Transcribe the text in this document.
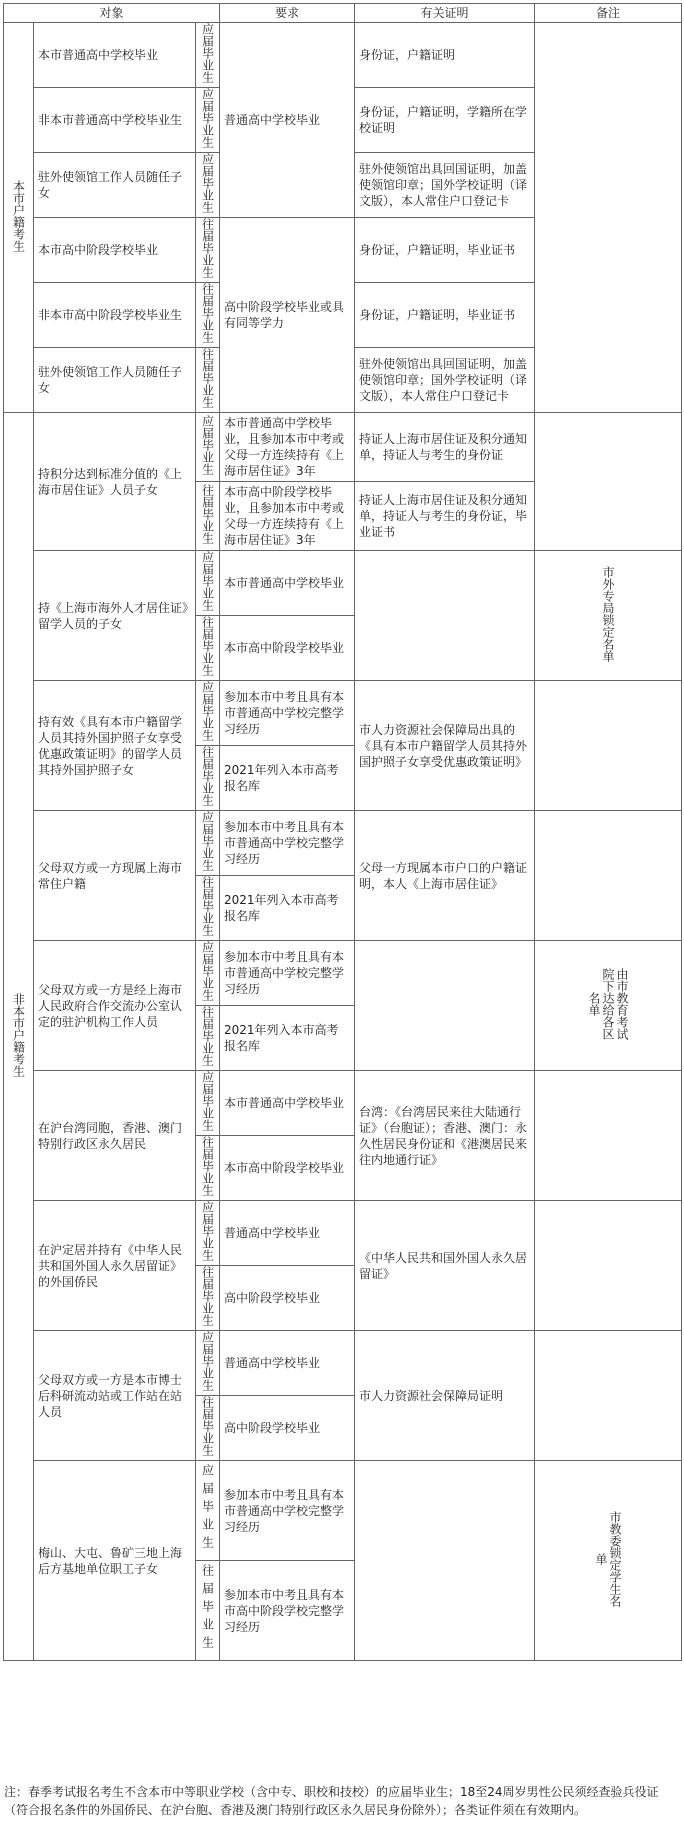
对象			要求	有关证明	备注
本市户籍考生	本市普通高中学校毕业	应届毕业生	普通高中学校毕业	身份证，户籍证明	
	非本市普通高中学校毕业生	应届毕业生		身份证，户籍证明，学籍所在学校证明	
	驻外使领馆工作人员随任子女	应届毕业生		驻外使领馆出具回国证明，加盖使领馆印章；国外学校证明（译文版），本人常住户口登记卡	
	本市高中阶段学校毕业	往届毕业生	高中阶段学校毕业或具有同等学力	身份证，户籍证明，毕业证书	
	非本市高中阶段学校毕业生	往届毕业生		身份证，户籍证明，毕业证书	
	驻外使领馆工作人员随任子女	往届毕业生		驻外使领馆出具回国证明，加盖使领馆印章；国外学校证明（译文版），本人常住户口登记卡	
非本市户籍考生	持积分达到标准分值的《上海市居住证》人员子女	应届毕业生	本市普通高中学校毕业，且参加本市中考或父母一方连续持有《上海市居住证》3年	持证人上海市居住证及积分通知单，持证人与考生的身份证	
		往届毕业生	本市高中阶段学校毕业，且参加本市中考或父母一方连续持有《上海市居住证》3年	持证人上海市居住证及积分通知单，持证人与考生的身份证，毕业证书	
	持《上海市海外人才居住证》留学人员的子女	应届毕业生	本市普通高中学校毕业		市外专局锁定名单
		往届毕业生	本市高中阶段学校毕业		
	持有效《具有本市户籍留学人员其持外国护照子女享受优惠政策证明》的留学人员其持外国护照子女	应届毕业生	参加本市中考且具有本市普通高中学校完整学习经历	市人力资源社会保障局出具的《具有本市户籍留学人员其持外国护照子女享受优惠政策证明》	
		往届毕业生	2021年列入本市高考报名库		
	父母双方或一方现属上海市常住户籍	应届毕业生	参加本市中考且具有本市普通高中学校完整学习经历	父母一方现属本市户口的户籍证明，本人《上海市居住证》	
		往届毕业生	2021年列入本市高考报名库		
	父母双方或一方是经上海市人民政府合作交流办公室认定的驻沪机构工作人员	应届毕业生	参加本市中考且具有本市普通高中学校完整学习经历		由市教育考试院下达给各区名单
		往届毕业生	2021年列入本市高考报名库		
	在沪台湾同胞，香港、澳门特别行政区永久居民	应届毕业生	本市普通高中学校毕业	台湾：《台湾居民来往大陆通行证》（台胞证）；香港、澳门：永久性居民身份证和《港澳居民来往内地通行证》	
		往届毕业生	本市高中阶段学校毕业		
	在沪定居并持有《中华人民共和国外国人永久居留证》的外国侨民	应届毕业生	普通高中学校毕业	《中华人民共和国外国人永久居留证》	
		往届毕业生	高中阶段学校毕业		
	父母双方或一方是本市博士后科研流动站或工作站在站人员	应届毕业生	普通高中学校毕业	市人力资源社会保障局证明	
		往届毕业生	高中阶段学校毕业		
	梅山、大屯、鲁矿三地上海后方基地单位职工子女	应届毕业生	参加本市中考且具有本市普通高中学校完整学习经历		市教委锁定学生名单
		往届毕业生	参加本市中考且具有本市高中阶段学校完整学习经历		
注：春季考试报名考生不含本市中等职业学校（含中专、职校和技校）的应届毕业生；18至24周岁男性公民须经查验兵役证（符合报名条件的外国侨民、在沪台胞、香港及澳门特别行政区永久居民身份除外）；各类证件须在有效期内。
